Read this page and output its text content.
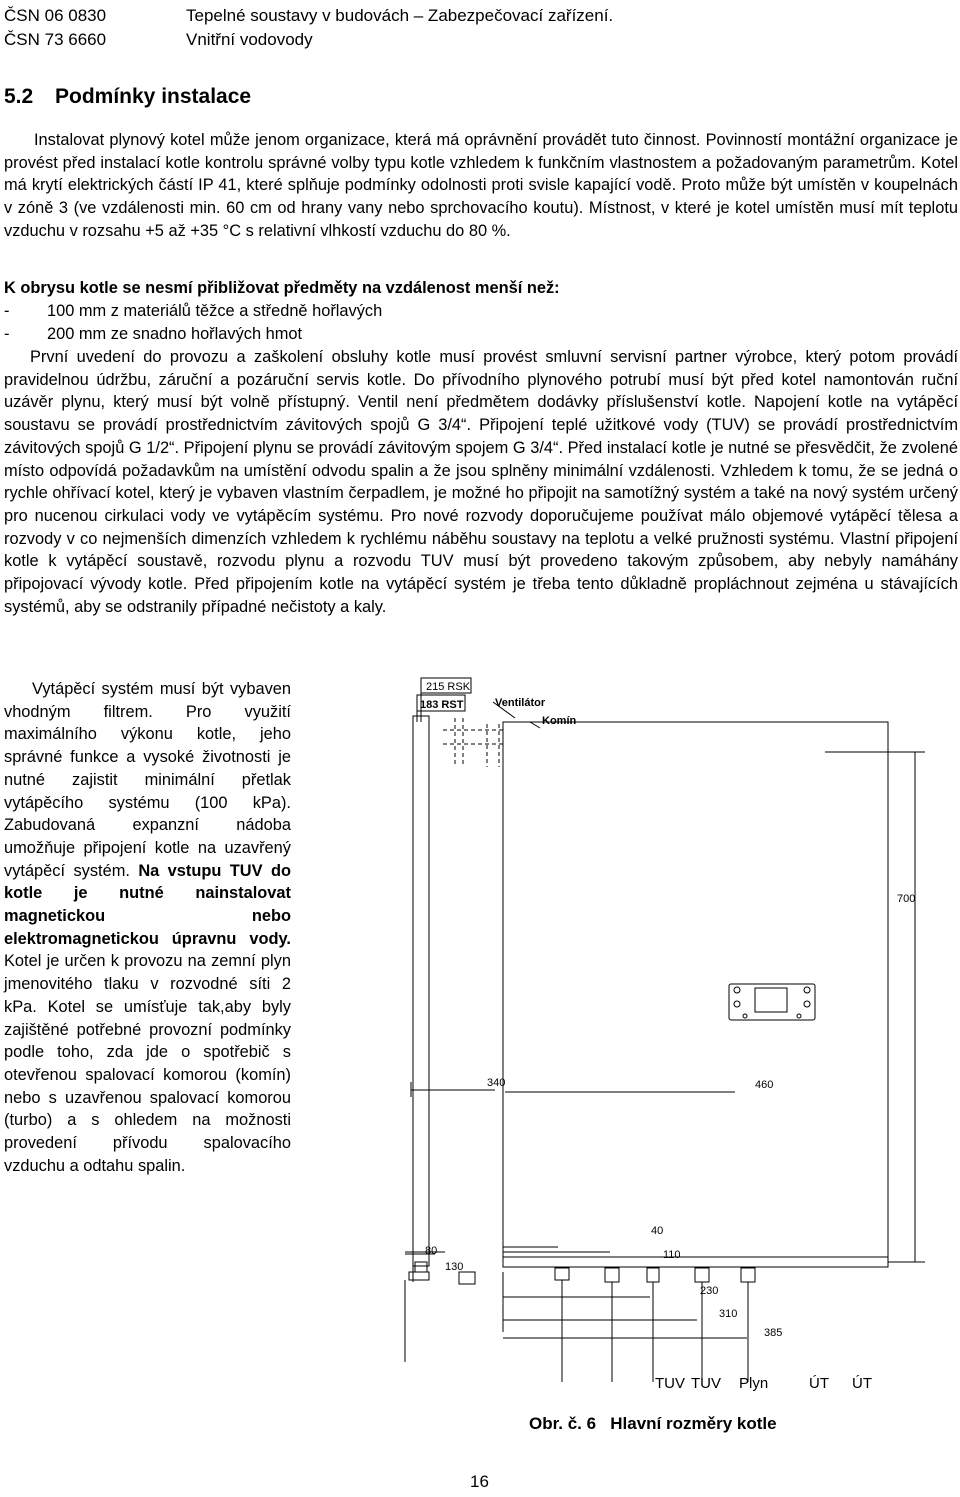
ČSN 06 0830	Tepelné soustavy v budovách – Zabezpečovací zařízení.
ČSN 73 6660	Vnitřní vodovody
5.2 Podmínky instalace

Instalovat plynový kotel může jenom organizace, která má oprávnění provádět tuto činnost. Povinností montážní organizace je provést před instalací kotle kontrolu správné volby typu kotle vzhledem k funkčním vlastnostem a požadovaným parametrům. Kotel má krytí elektrických částí IP 41, které splňuje podmínky odolnosti proti svisle kapající vodě. Proto může být umístěn v koupelnách v zóně 3 (ve vzdálenosti min. 60 cm od hrany vany nebo sprchovacího koutu). Místnost, v které je kotel umístěn musí mít teplotu vzduchu v rozsahu +5 až +35 °C s relativní vlhkostí vzduchu do 80 %.

K obrysu kotle se nesmí přibližovat předměty na vzdálenost menší než:
- 100 mm z materiálů těžce a středně hořlavých
- 200 mm ze snadno hořlavých hmot

První uvedení do provozu a zaškolení obsluhy kotle musí provést smluvní servisní partner výrobce, který potom provádí pravidelnou údržbu, záruční a pozáruční servis kotle. Do přívodního plynového potrubí musí být před kotel namontován ruční uzávěr plynu, který musí být volně přístupný. Ventil není předmětem dodávky příslušenství kotle. Napojení kotle na vytápěcí soustavu se provádí prostřednictvím závitových spojů G 3/4“. Připojení teplé užitkové vody (TUV) se provádí prostřednictvím závitových spojů G 1/2“. Připojení plynu se provádí závitovým spojem G 3/4“. Před instalací kotle je nutné se přesvědčit, že zvolené místo odpovídá požadavkům na umístění odvodu spalin a že jsou splněny minimální vzdálenosti. Vzhledem k tomu, že se jedná o rychle ohřívací kotel, který je vybaven vlastním čerpadlem, je možné ho připojit na samotížný systém a také na nový systém určený pro nucenou cirkulaci vody ve vytápěcím systému. Pro nové rozvody doporučujeme používat málo objemové vytápěcí tělesa a rozvody v co nejmenších dimenzích vzhledem k rychlému náběhu soustavy na teplotu a velké pružnosti systému. Vlastní připojení kotle k vytápěcí soustavě, rozvodu plynu a rozvodu TUV musí být provedeno takovým způsobem, aby nebyly namáhány připojovací vývody kotle. Před připojením kotle na vytápěcí systém je třeba tento důkladně propláchnout zejména u stávajících systémů, aby se odstranily případné nečistoty a kaly.

Vytápěcí systém musí být vybaven vhodným filtrem. Pro využití maximálního výkonu kotle, jeho správné funkce a vysoké životnosti je nutné zajistit minimální přetlak vytápěcího systému (100 kPa). Zabudovaná expanzní nádoba umožňuje připojení kotle na uzavřený vytápěcí systém. Na vstupu TUV do kotle je nutné nainstalovat magnetickou nebo elektromagnetickou úpravnu vody. Kotel je určen k provozu na zemní plyn jmenovitého tlaku v rozvodné síti 2 kPa. Kotel se umísťuje tak,aby byly zajištěné potřebné provozní podmínky podle toho, zda jde o spotřebič s otevřenou spalovací komorou (komín) nebo s uzavřenou spalovací komorou (turbo) a s ohledem na možnosti provedení přívodu spalovacího vzduchu a odtahu spalin.

215 RSK
183 RST	Ventilátor
Komín
700
340	460
40
80	110
130
230
310
385
TUV TUV Plyn	ÚT ÚT
Obr. č. 6 Hlavní rozměry kotle
16
